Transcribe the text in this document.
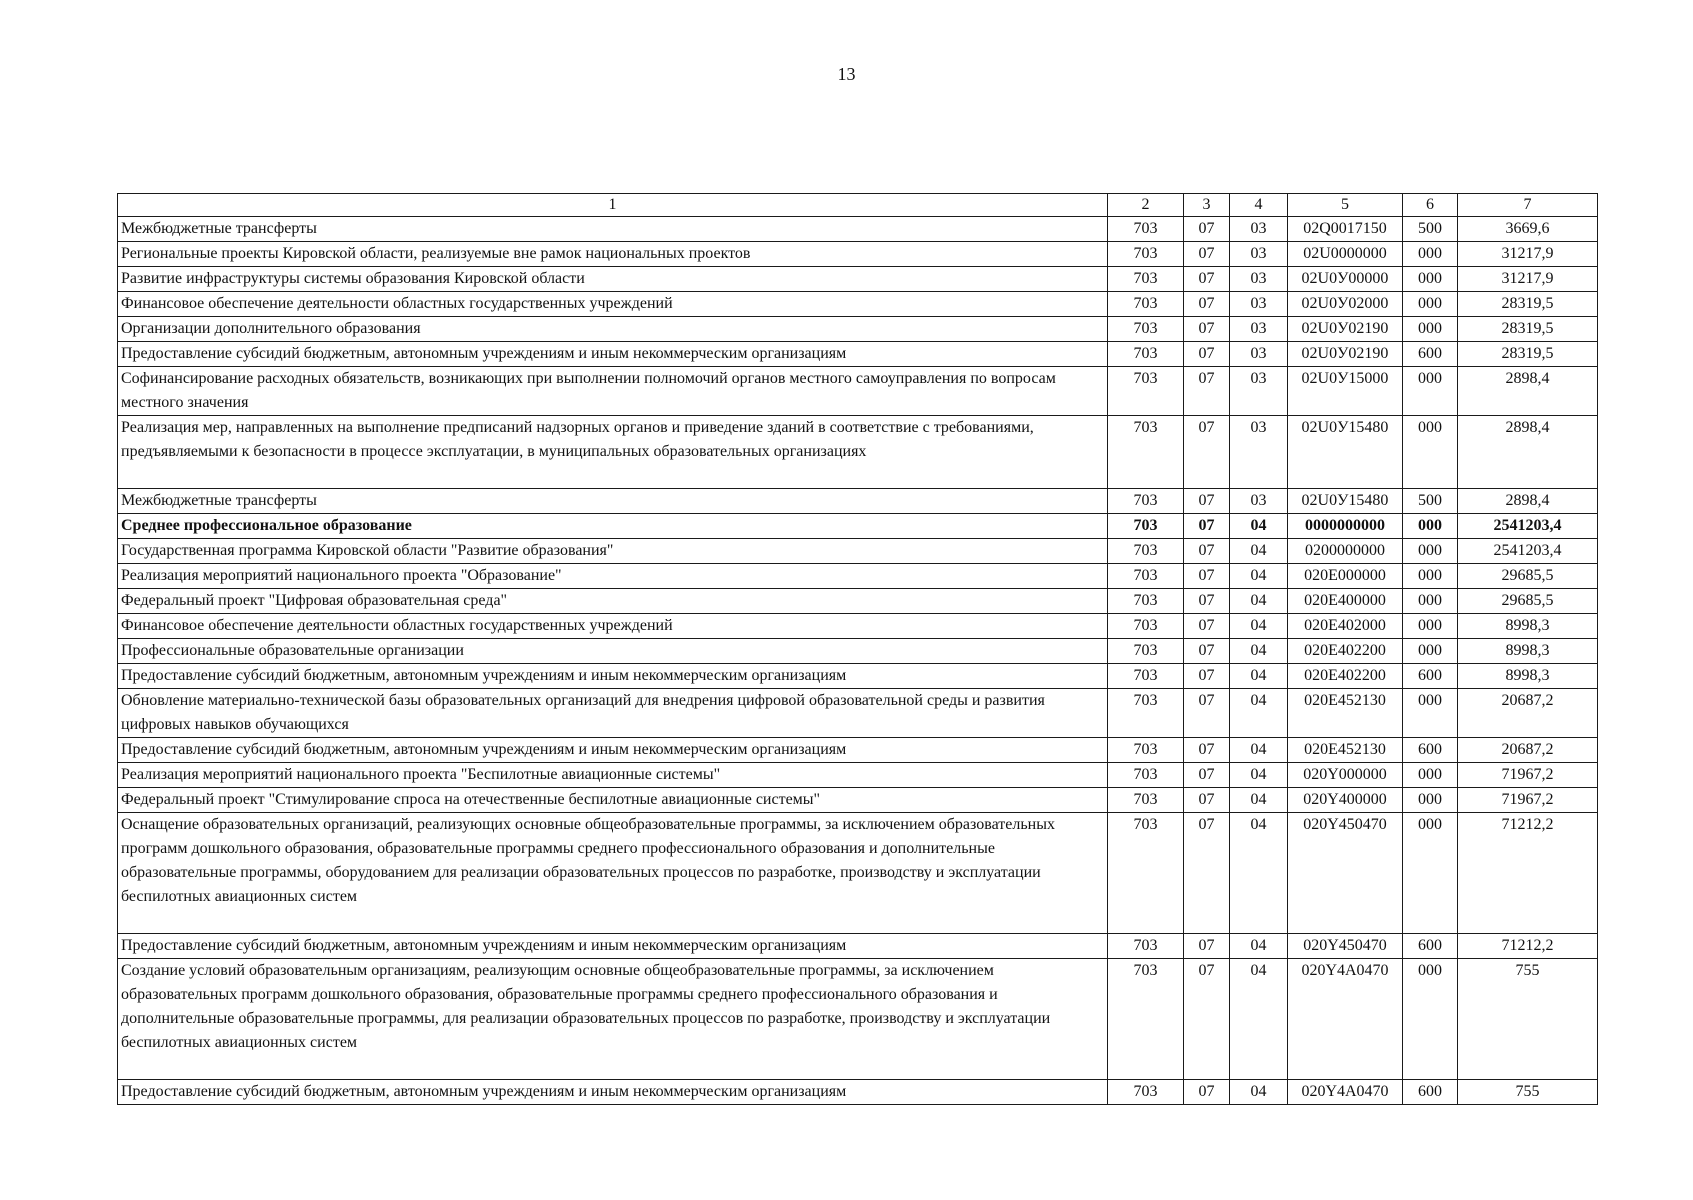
13
1	2	3	4	5	6	7
Межбюджетные трансферты	703	07	03	02Q0017150	500	3669,6
Региональные проекты Кировской области, реализуемые вне рамок национальных проектов	703	07	03	02U0000000	000	31217,9
Развитие инфраструктуры системы образования Кировской области	703	07	03	02U0У00000	000	31217,9
Финансовое обеспечение деятельности областных государственных учреждений	703	07	03	02U0У02000	000	28319,5
Организации дополнительного образования	703	07	03	02U0У02190	000	28319,5
Предоставление субсидий бюджетным, автономным учреждениям и иным некоммерческим организациям	703	07	03	02U0У02190	600	28319,5
Софинансирование расходных обязательств, возникающих при выполнении полномочий органов местного самоуправления по вопросам местного значения	703	07	03	02U0У15000	000	2898,4
Реализация мер, направленных на выполнение предписаний надзорных органов и приведение зданий в соответствие с требованиями, предъявляемыми к безопасности в процессе эксплуатации, в муниципальных образовательных организациях	703	07	03	02U0У15480	000	2898,4
Межбюджетные трансферты	703	07	03	02U0У15480	500	2898,4
Среднее профессиональное образование	703	07	04	0000000000	000	2541203,4
Государственная программа Кировской области "Развитие образования"	703	07	04	0200000000	000	2541203,4
Реализация мероприятий национального проекта "Образование"	703	07	04	020E000000	000	29685,5
Федеральный проект "Цифровая образовательная среда"	703	07	04	020E400000	000	29685,5
Финансовое обеспечение деятельности областных государственных учреждений	703	07	04	020E402000	000	8998,3
Профессиональные образовательные организации	703	07	04	020E402200	000	8998,3
Предоставление субсидий бюджетным, автономным учреждениям и иным некоммерческим организациям	703	07	04	020E402200	600	8998,3
Обновление материально-технической базы образовательных организаций для внедрения цифровой образовательной среды и развития цифровых навыков обучающихся	703	07	04	020E452130	000	20687,2
Предоставление субсидий бюджетным, автономным учреждениям и иным некоммерческим организациям	703	07	04	020E452130	600	20687,2
Реализация мероприятий национального проекта "Беспилотные авиационные системы"	703	07	04	020Y000000	000	71967,2
Федеральный проект "Стимулирование спроса на отечественные беспилотные авиационные системы"	703	07	04	020Y400000	000	71967,2
Оснащение образовательных организаций, реализующих основные общеобразовательные программы, за исключением образовательных программ дошкольного образования, образовательные программы среднего профессионального образования и дополнительные образовательные программы, оборудованием для реализации образовательных процессов по разработке, производству и эксплуатации беспилотных авиационных систем	703	07	04	020Y450470	000	71212,2
Предоставление субсидий бюджетным, автономным учреждениям и иным некоммерческим организациям	703	07	04	020Y450470	600	71212,2
Создание условий образовательным организациям, реализующим основные общеобразовательные программы, за исключением образовательных программ дошкольного образования, образовательные программы среднего профессионального образования и дополнительные образовательные программы, для реализации образовательных процессов по разработке, производству и эксплуатации беспилотных авиационных систем	703	07	04	020Y4A0470	000	755
Предоставление субсидий бюджетным, автономным учреждениям и иным некоммерческим организациям	703	07	04	020Y4A0470	600	755
